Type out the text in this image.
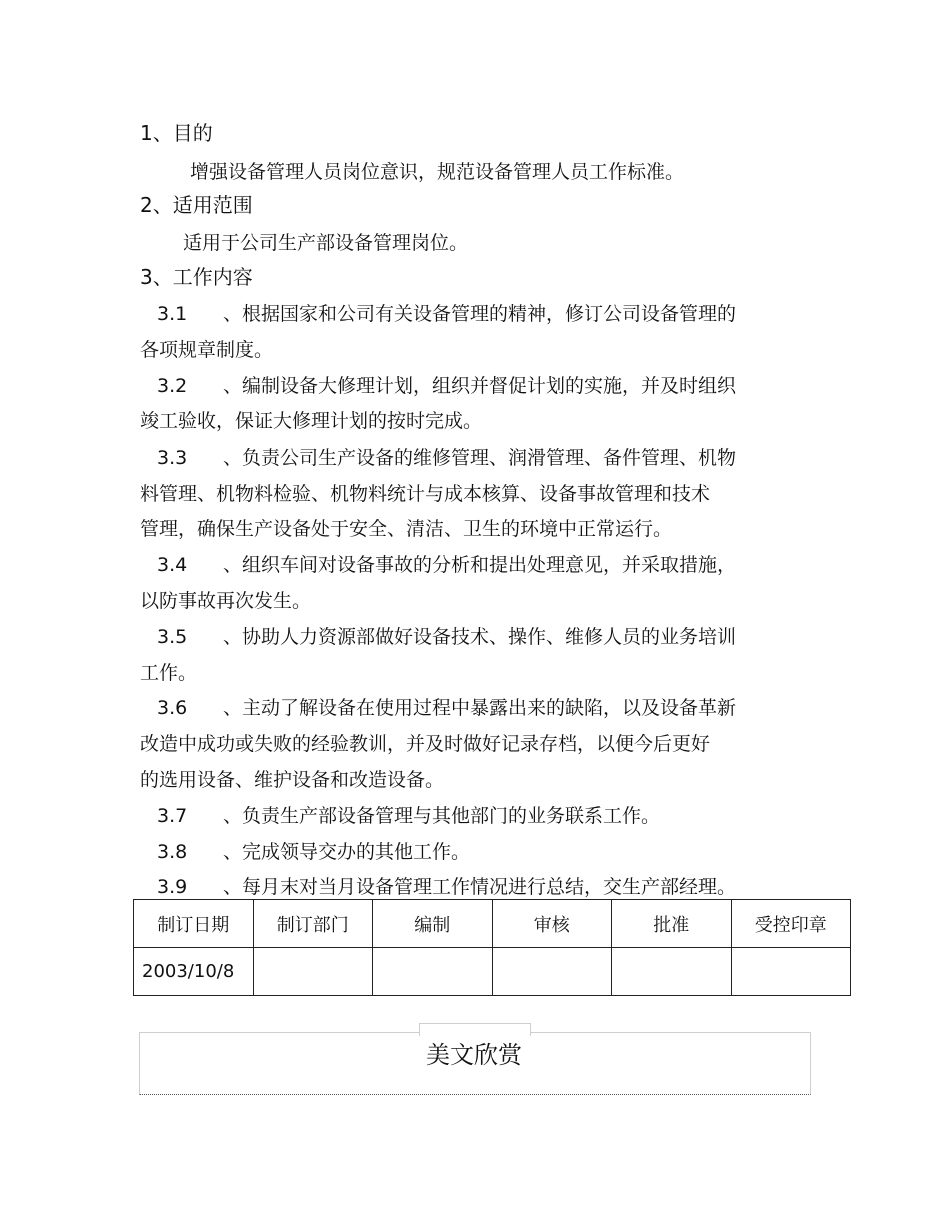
1、目的
增强设备管理人员岗位意识，规范设备管理人员工作标准。
2、适用范围
适用于公司生产部设备管理岗位。
3、工作内容
3.1 、根据国家和公司有关设备管理的精神，修订公司设备管理的
各项规章制度。
3.2 、编制设备大修理计划，组织并督促计划的实施，并及时组织
竣工验收，保证大修理计划的按时完成。
3.3 、负责公司生产设备的维修管理、润滑管理、备件管理、机物
料管理、机物料检验、机物料统计与成本核算、设备事故管理和技术
管理，确保生产设备处于安全、清洁、卫生的环境中正常运行。
3.4 、组织车间对设备事故的分析和提出处理意见，并采取措施，
以防事故再次发生。
3.5 、协助人力资源部做好设备技术、操作、维修人员的业务培训
工作。
3.6 、主动了解设备在使用过程中暴露出来的缺陷，以及设备革新
改造中成功或失败的经验教训，并及时做好记录存档，以便今后更好
的选用设备、维护设备和改造设备。
3.7 、负责生产部设备管理与其他部门的业务联系工作。
3.8 、完成领导交办的其他工作。
3.9 、每月末对当月设备管理工作情况进行总结，交生产部经理。
制订日期	制订部门	编制	审核	批准	受控印章
2003/10/8					
美文欣赏
